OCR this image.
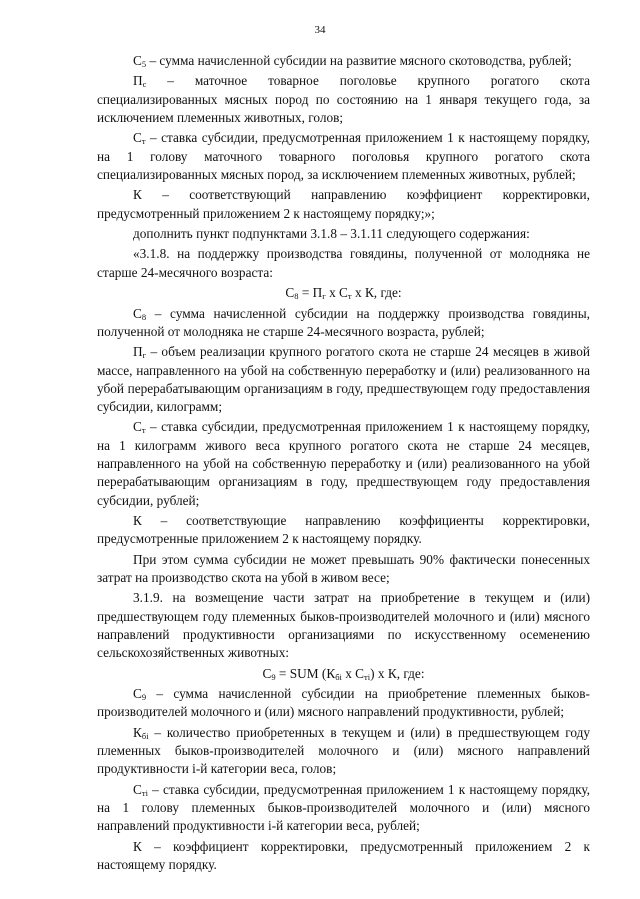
34

$С_5$ – сумма начисленной субсидии на развитие мясного скотоводства, рублей;

$П_с$ – маточное товарное поголовье крупного рогатого скота специализированных мясных пород по состоянию на 1 января текущего года, за исключением племенных животных, голов;

$С_т$ – ставка субсидии, предусмотренная приложением 1 к настоящему порядку, на 1 голову маточного товарного поголовья крупного рогатого скота специализированных мясных пород, за исключением племенных животных, рублей;

К – соответствующий направлению коэффициент корректировки, предусмотренный приложением 2 к настоящему порядку;»;

дополнить пункт подпунктами 3.1.8 – 3.1.11 следующего содержания:

«3.1.8. на поддержку производства говядины, полученной от молодняка не старше 24-месячного возраста:

$С_8 = П_г$ х $С_т$ х К, где:

$С_8$ – сумма начисленной субсидии на поддержку производства говядины, полученной от молодняка не старше 24-месячного возраста, рублей;

$П_г$ – объем реализации крупного рогатого скота не старше 24 месяцев в живой массе, направленного на убой на собственную переработку и (или) реализованного на убой перерабатывающим организациям в году, предшествующем году предоставления субсидии, килограмм;

$С_т$ – ставка субсидии, предусмотренная приложением 1 к настоящему порядку, на 1 килограмм живого веса крупного рогатого скота не старше 24 месяцев, направленного на убой на собственную переработку и (или) реализованного на убой перерабатывающим организациям в году, предшествующем году предоставления субсидии, рублей;

К – соответствующие направлению коэффициенты корректировки, предусмотренные приложением 2 к настоящему порядку.

При этом сумма субсидии не может превышать 90% фактически понесенных затрат на производство скота на убой в живом весе;

3.1.9. на возмещение части затрат на приобретение в текущем и (или) предшествующем году племенных быков-производителей молочного и (или) мясного направлений продуктивности организациями по искусственному осеменению сельскохозяйственных животных:

$С_9$ = SUM ($К_{бi}$ х $С_{тi}$) х К, где:

$С_9$ – сумма начисленной субсидии на приобретение племенных быков-производителей молочного и (или) мясного направлений продуктивности, рублей;

$К_{бi}$ – количество приобретенных в текущем и (или) в предшествующем году племенных быков-производителей молочного и (или) мясного направлений продуктивности i-й категории веса, голов;

$С_{тi}$ – ставка субсидии, предусмотренная приложением 1 к настоящему порядку, на 1 голову племенных быков-производителей молочного и (или) мясного направлений продуктивности i-й категории веса, рублей;

К – коэффициент корректировки, предусмотренный приложением 2 к настоящему порядку.
